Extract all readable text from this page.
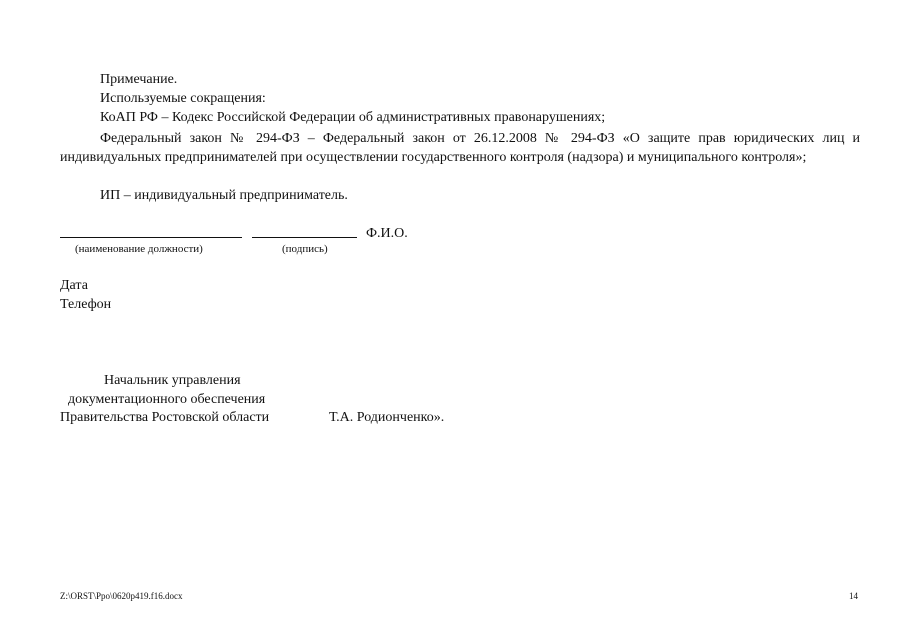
Примечание.

Используемые сокращения:

КоАП РФ – Кодекс Российской Федерации об административных правонарушениях;

Федеральный закон № 294-ФЗ – Федеральный закон от 26.12.2008 № 294-ФЗ «О защите прав юридических лиц и индивидуальных предпринимателей при осуществлении государственного контроля (надзора) и муниципального контроля»;

ИП – индивидуальный предприниматель.

Ф.И.О.

(наименование должности)	(подпись)

Дата

Телефон

Начальник управления

документационного обеспечения

Правительства Ростовской области	Т.А. Родионченко».

Z:\ORST\Ppo\0620p419.f16.docx	14
